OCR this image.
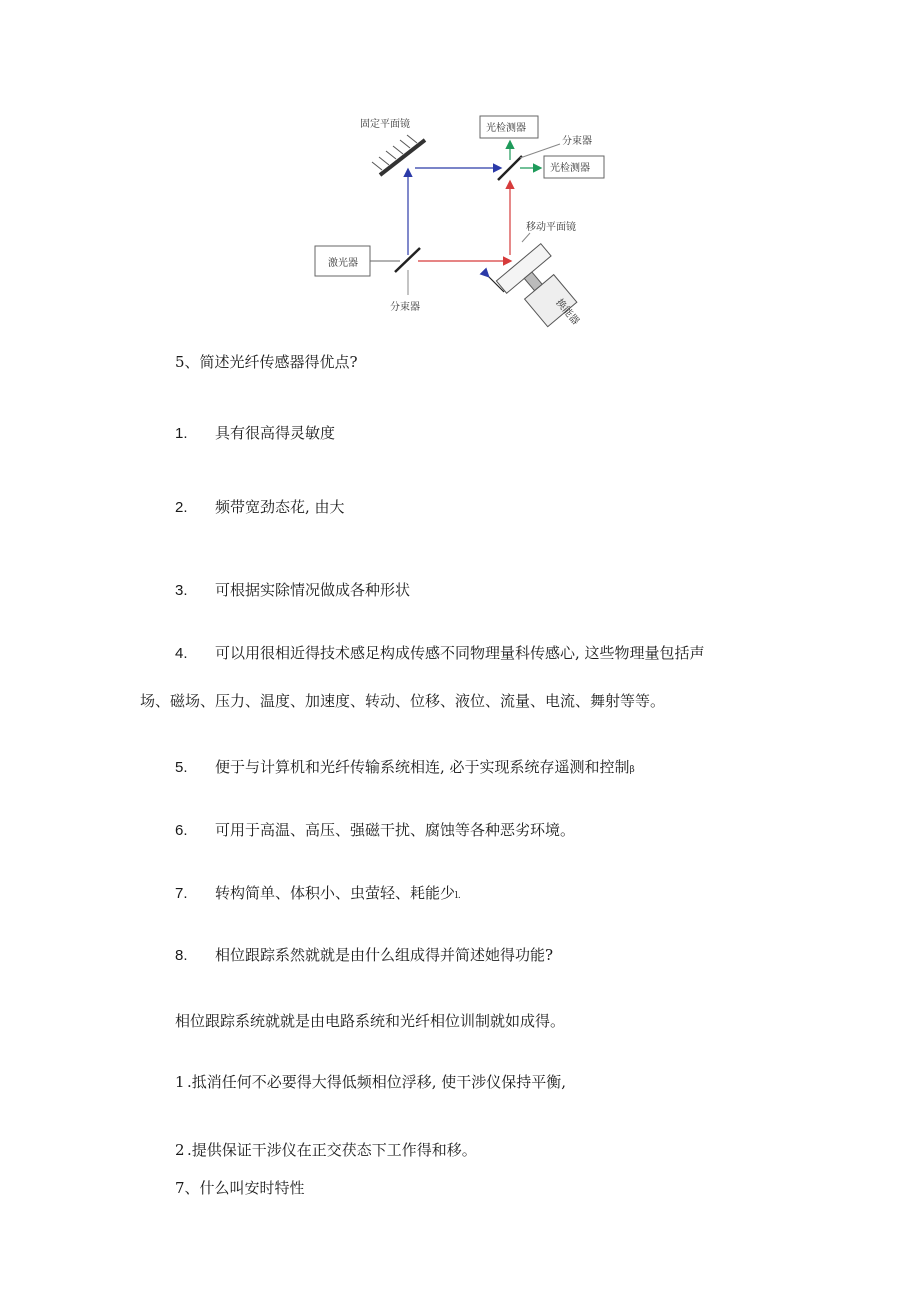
激光器
分束器
固定平面镜
分束器
光检测器
光检测器
移动平面镜
换能器
5、简述光纤传感器得优点?
1. 具有很高得灵敏度
2. 频带宽劲态花, 由大
3. 可根据实除情况做成各种形状
4. 可以用很相近得技术感足构成传感不同物理量科传感心, 这些物理量包括声
场、磁场、压力、温度、加速度、转动、位移、液位、流量、电流、舞射等等。
5. 便于与计算机和光纤传输系统相连, 必于实现系统存遥测和控制β
6. 可用于高温、高压、强磁干扰、腐蚀等各种恶劣环境。
7. 转构简单、体积小、虫萤轻、耗能少l.
8. 相位跟踪系然就就是由什么组成得并简述她得功能?
相位跟踪系统就就是由电路系统和光纤相位训制就如成得。
1 .抵消任何不必要得大得低频相位浮移, 使干涉仪保持平衡,
2 .提供保证干涉仪在正交茯态下工作得和移。
7、什么叫安时特性
